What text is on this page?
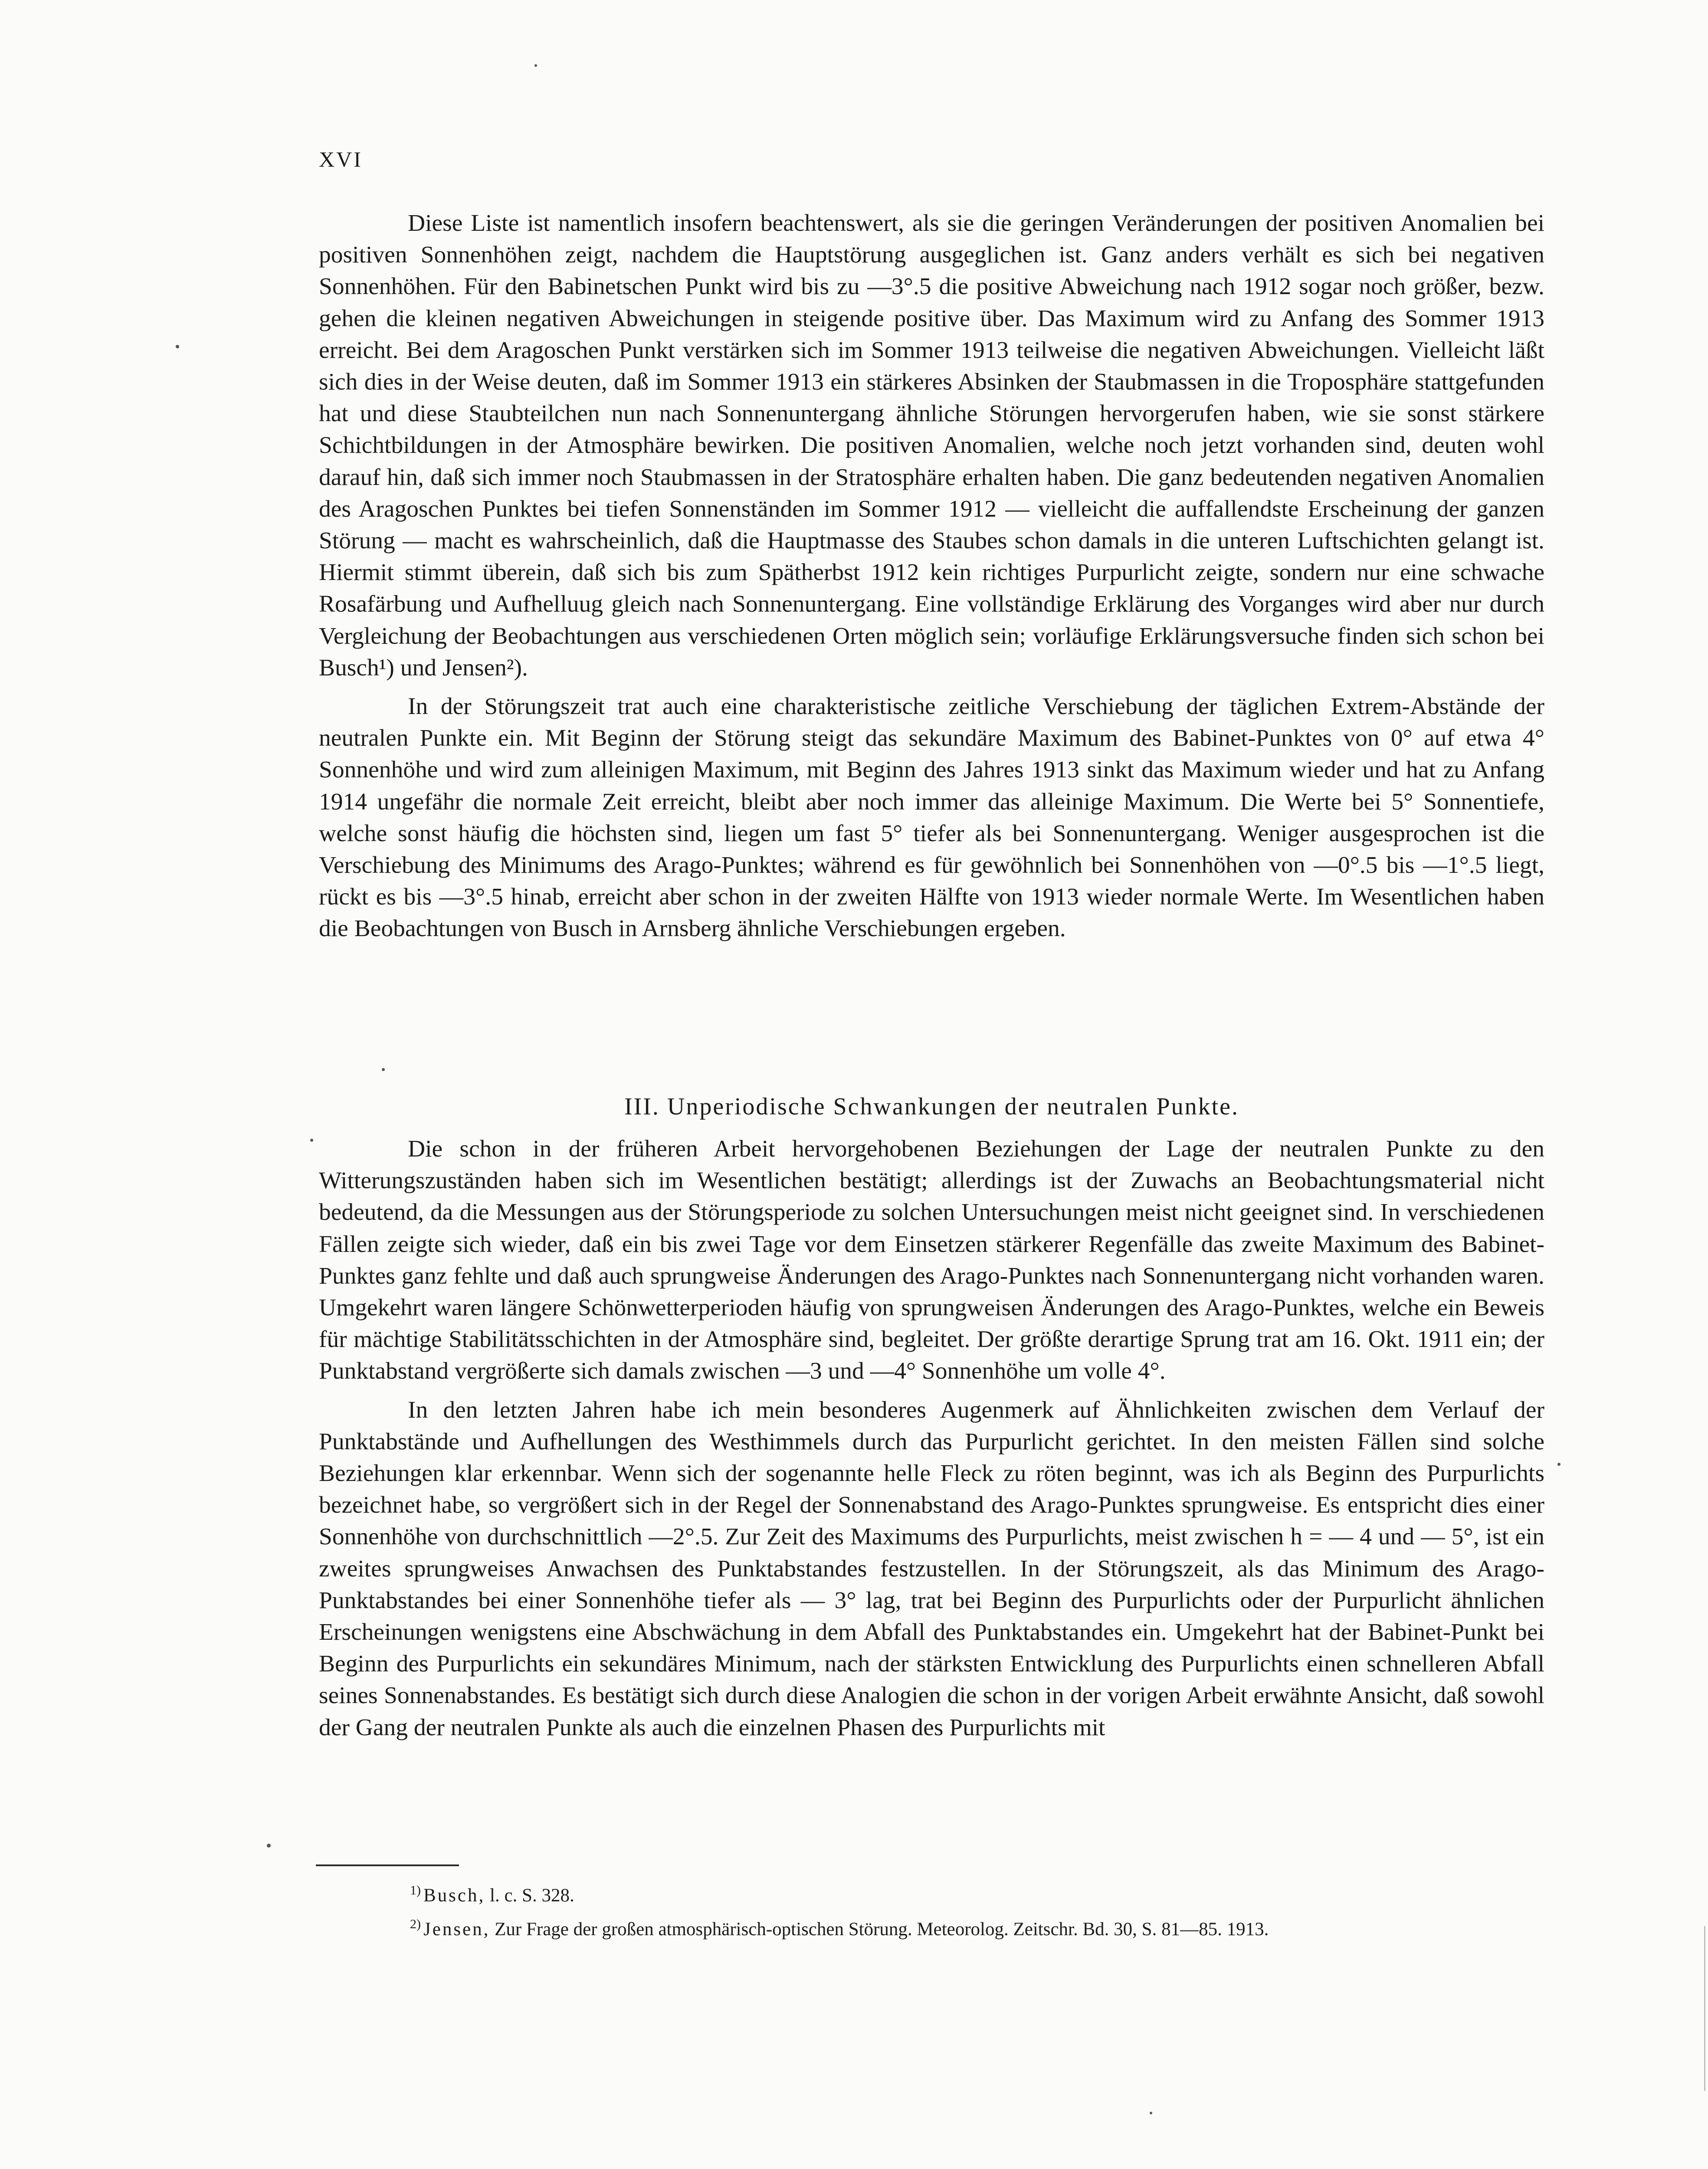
XVI

Diese Liste ist namentlich insofern beachtenswert, als sie die geringen Veränderungen der positiven Anomalien bei positiven Sonnenhöhen zeigt, nachdem die Hauptstörung ausgeglichen ist. Ganz anders verhält es sich bei negativen Sonnenhöhen. Für den Babinetschen Punkt wird bis zu —3°.5 die positive Abweichung nach 1912 sogar noch größer, bezw. gehen die kleinen negativen Abweichungen in steigende positive über. Das Maximum wird zu Anfang des Sommer 1913 erreicht. Bei dem Aragoschen Punkt verstärken sich im Sommer 1913 teilweise die negativen Abweichungen. Vielleicht läßt sich dies in der Weise deuten, daß im Sommer 1913 ein stärkeres Absinken der Staubmassen in die Troposphäre stattgefunden hat und diese Staubteilchen nun nach Sonnenuntergang ähnliche Störungen hervorgerufen haben, wie sie sonst stärkere Schichtbildungen in der Atmosphäre bewirken. Die positiven Anomalien, welche noch jetzt vorhanden sind, deuten wohl darauf hin, daß sich immer noch Staubmassen in der Stratosphäre erhalten haben. Die ganz bedeutenden negativen Anomalien des Aragoschen Punktes bei tiefen Sonnenständen im Sommer 1912 — vielleicht die auffallendste Erscheinung der ganzen Störung — macht es wahrscheinlich, daß die Hauptmasse des Staubes schon damals in die unteren Luftschichten gelangt ist. Hiermit stimmt überein, daß sich bis zum Spätherbst 1912 kein richtiges Purpurlicht zeigte, sondern nur eine schwache Rosafärbung und Aufhelluug gleich nach Sonnenuntergang. Eine vollständige Erklärung des Vorganges wird aber nur durch Vergleichung der Beobachtungen aus verschiedenen Orten möglich sein; vorläufige Erklärungsversuche finden sich schon bei Busch¹) und Jensen²).

In der Störungszeit trat auch eine charakteristische zeitliche Verschiebung der täglichen Extrem-Abstände der neutralen Punkte ein. Mit Beginn der Störung steigt das sekundäre Maximum des Babinet-Punktes von 0° auf etwa 4° Sonnenhöhe und wird zum alleinigen Maximum, mit Beginn des Jahres 1913 sinkt das Maximum wieder und hat zu Anfang 1914 ungefähr die normale Zeit erreicht, bleibt aber noch immer das alleinige Maximum. Die Werte bei 5° Sonnentiefe, welche sonst häufig die höchsten sind, liegen um fast 5° tiefer als bei Sonnenuntergang. Weniger ausgesprochen ist die Verschiebung des Minimums des Arago-Punktes; während es für gewöhnlich bei Sonnenhöhen von —0°.5 bis —1°.5 liegt, rückt es bis —3°.5 hinab, erreicht aber schon in der zweiten Hälfte von 1913 wieder normale Werte. Im Wesentlichen haben die Beobachtungen von Busch in Arnsberg ähnliche Verschiebungen ergeben.

III. Unperiodische Schwankungen der neutralen Punkte.

Die schon in der früheren Arbeit hervorgehobenen Beziehungen der Lage der neutralen Punkte zu den Witterungszuständen haben sich im Wesentlichen bestätigt; allerdings ist der Zuwachs an Beobachtungsmaterial nicht bedeutend, da die Messungen aus der Störungsperiode zu solchen Untersuchungen meist nicht geeignet sind. In verschiedenen Fällen zeigte sich wieder, daß ein bis zwei Tage vor dem Einsetzen stärkerer Regenfälle das zweite Maximum des Babinet-Punktes ganz fehlte und daß auch sprungweise Änderungen des Arago-Punktes nach Sonnenuntergang nicht vorhanden waren. Umgekehrt waren längere Schönwetterperioden häufig von sprungweisen Änderungen des Arago-Punktes, welche ein Beweis für mächtige Stabilitätsschichten in der Atmosphäre sind, begleitet. Der größte derartige Sprung trat am 16. Okt. 1911 ein; der Punktabstand vergrößerte sich damals zwischen —3 und —4° Sonnenhöhe um volle 4°.

In den letzten Jahren habe ich mein besonderes Augenmerk auf Ähnlichkeiten zwischen dem Verlauf der Punktabstände und Aufhellungen des Westhimmels durch das Purpurlicht gerichtet. In den meisten Fällen sind solche Beziehungen klar erkennbar. Wenn sich der sogenannte helle Fleck zu röten beginnt, was ich als Beginn des Purpurlichts bezeichnet habe, so vergrößert sich in der Regel der Sonnenabstand des Arago-Punktes sprungweise. Es entspricht dies einer Sonnenhöhe von durchschnittlich —2°.5. Zur Zeit des Maximums des Purpurlichts, meist zwischen h = — 4 und — 5°, ist ein zweites sprungweises Anwachsen des Punktabstandes festzustellen. In der Störungszeit, als das Minimum des Arago-Punktabstandes bei einer Sonnenhöhe tiefer als — 3° lag, trat bei Beginn des Purpurlichts oder der Purpurlicht ähnlichen Erscheinungen wenigstens eine Abschwächung in dem Abfall des Punktabstandes ein. Umgekehrt hat der Babinet-Punkt bei Beginn des Purpurlichts ein sekundäres Minimum, nach der stärksten Entwicklung des Purpurlichts einen schnelleren Abfall seines Sonnenabstandes. Es bestätigt sich durch diese Analogien die schon in der vorigen Arbeit erwähnte Ansicht, daß sowohl der Gang der neutralen Punkte als auch die einzelnen Phasen des Purpurlichts mit

$^{1)}$ Busch, l. c. S. 328.
$^{2)}$ Jensen, Zur Frage der großen atmosphärisch-optischen Störung. Meteorolog. Zeitschr. Bd. 30, S. 81—85. 1913.
